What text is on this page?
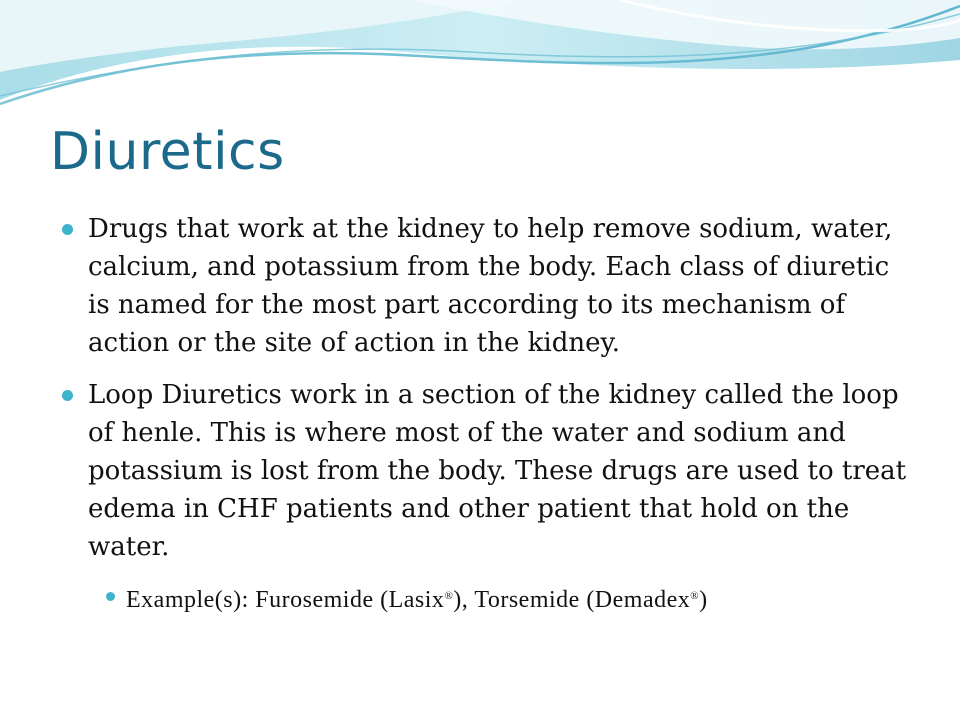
Diuretics
Drugs that work at the kidney to help remove sodium, water, calcium, and potassium from the body. Each class of diuretic is named for the most part according to its mechanism of action or the site of action in the kidney.
Loop Diuretics work in a section of the kidney called the loop of henle. This is where most of the water and sodium and potassium is lost from the body. These drugs are used to treat edema in CHF patients and other patient that hold on the water.
Example(s): Furosemide (Lasix®), Torsemide (Demadex®)
